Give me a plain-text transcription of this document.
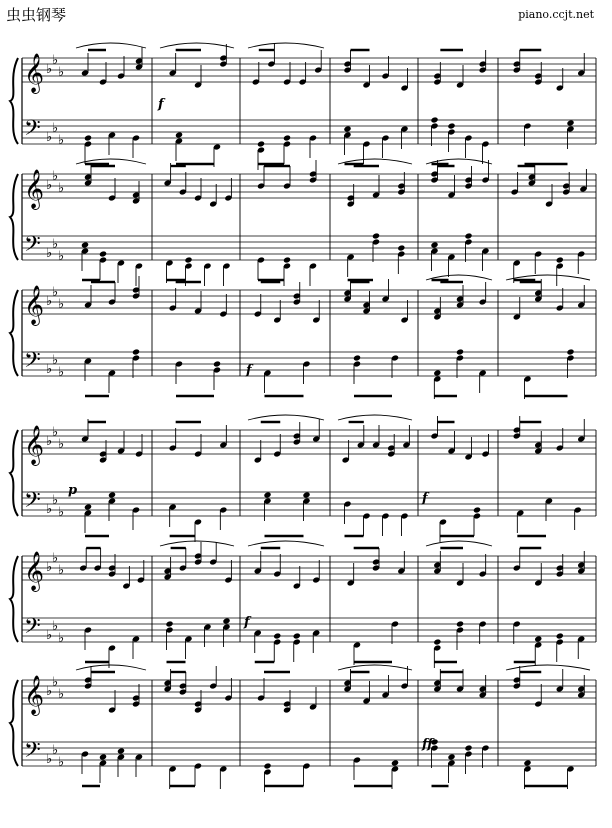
虫虫钢琴	piano.ccjt.net
𝄞
𝄢
♭
♭
♭
♭
♭
♭
f
𝄞
𝄢
♭
♭
♭
♭
♭
♭
𝄞
𝄢
♭
♭
♭
♭
♭
♭	f
𝄞
𝄢
♭
♭
♭
♭
♭
♭
p
f
𝄞
𝄢
♭
♭
♭
♭
♭
♭
f
𝄞
𝄢
♭
♭
♭
♭
♭
♭
ff
